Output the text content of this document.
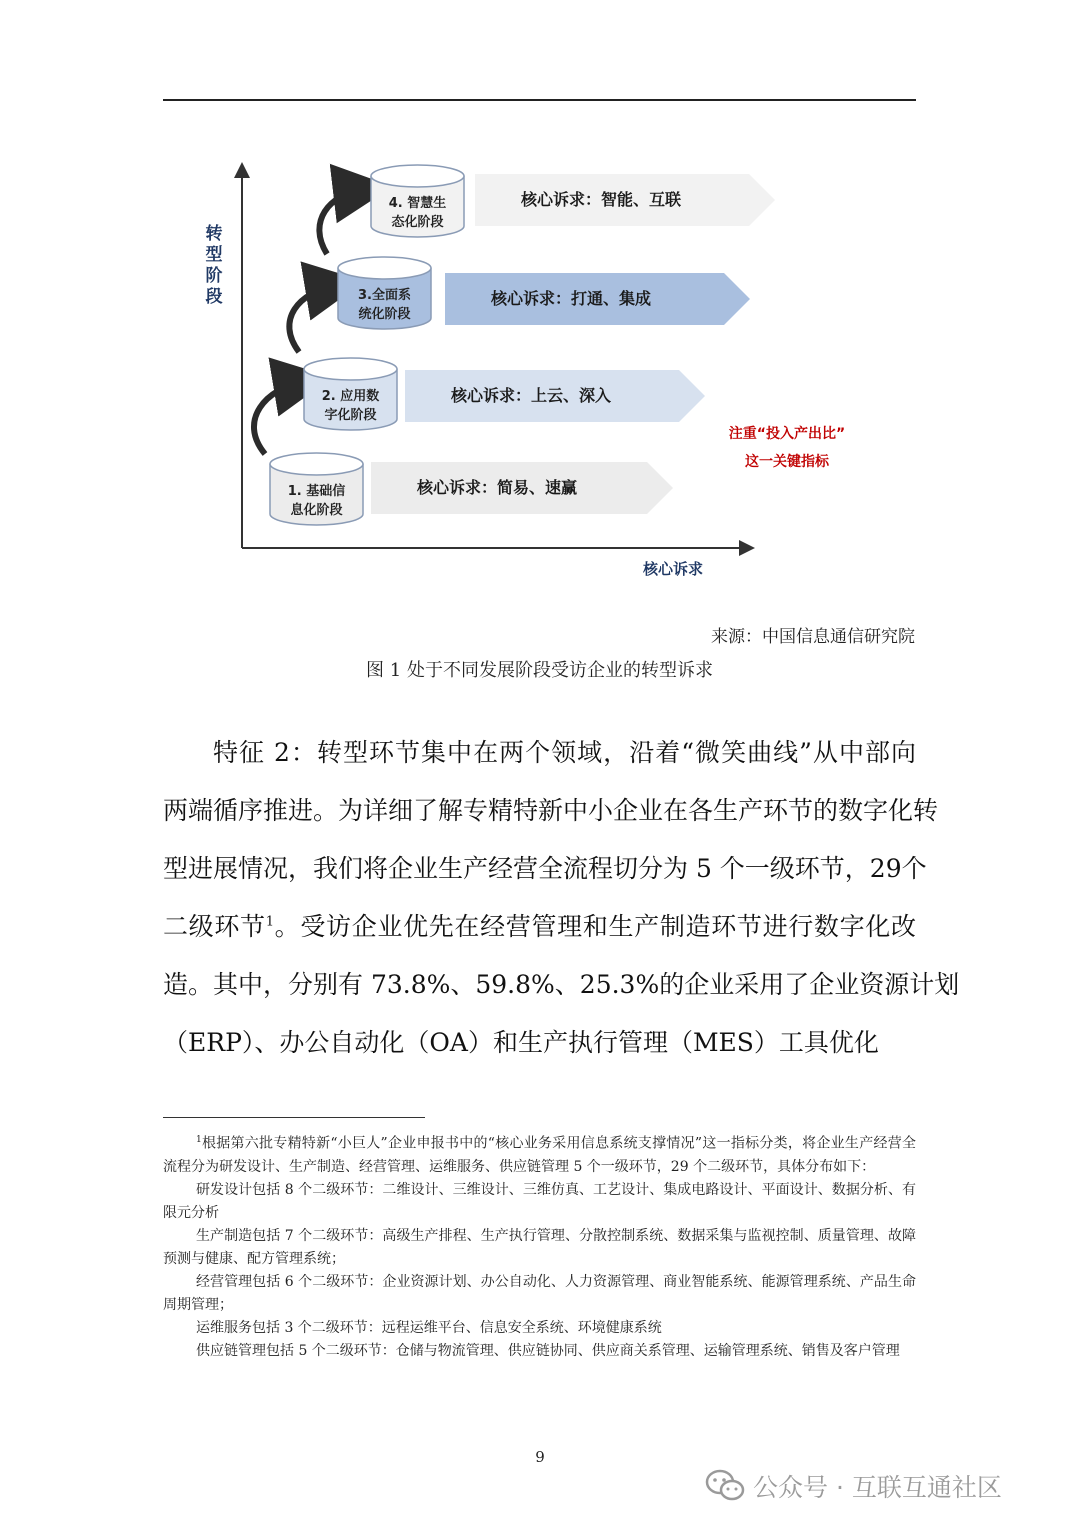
转
型
阶
段
核心诉求
1. 基础信
息化阶段
核心诉求：简易、速赢
2. 应用数
字化阶段
核心诉求：上云、深入
3.全面系
统化阶段
核心诉求：打通、集成
4. 智慧生
态化阶段
核心诉求：智能、互联
注重“投入产出比”
这一关键指标
来源：中国信息通信研究院
图 1 处于不同发展阶段受访企业的转型诉求
特征 2：转型环节集中在两个领域，沿着“微笑曲线”从中部向
两端循序推进。为详细了解专精特新中小企业在各生产环节的数字化转
型进展情况，我们将企业生产经营全流程切分为 5 个一级环节，29个
二级环节$^1$。受访企业优先在经营管理和生产制造环节进行数字化改
造。其中，分别有 73.8%、59.8%、25.3%的企业采用了企业资源计划
（ERP）、办公自动化（OA）和生产执行管理（MES）工具优化

$^1$根据第六批专精特新“小巨人”企业申报书中的“核心业务采用信息系统支撑情况”这一指标分类，将企业生产经营全流程分为研发设计、生产制造、经营管理、运维服务、供应链管理 5 个一级环节，29 个二级环节，具体分布如下：

研发设计包括 8 个二级环节：二维设计、三维设计、三维仿真、工艺设计、集成电路设计、平面设计、数据分析、有限元分析

生产制造包括 7 个二级环节：高级生产排程、生产执行管理、分散控制系统、数据采集与监视控制、质量管理、故障预测与健康、配方管理系统；

经营管理包括 6 个二级环节：企业资源计划、办公自动化、人力资源管理、商业智能系统、能源管理系统、产品生命周期管理；

运维服务包括 3 个二级环节：远程运维平台、信息安全系统、环境健康系统

供应链管理包括 5 个二级环节：仓储与物流管理、供应链协同、供应商关系管理、运输管理系统、销售及客户管理

9
公众号 · 互联互通社区
